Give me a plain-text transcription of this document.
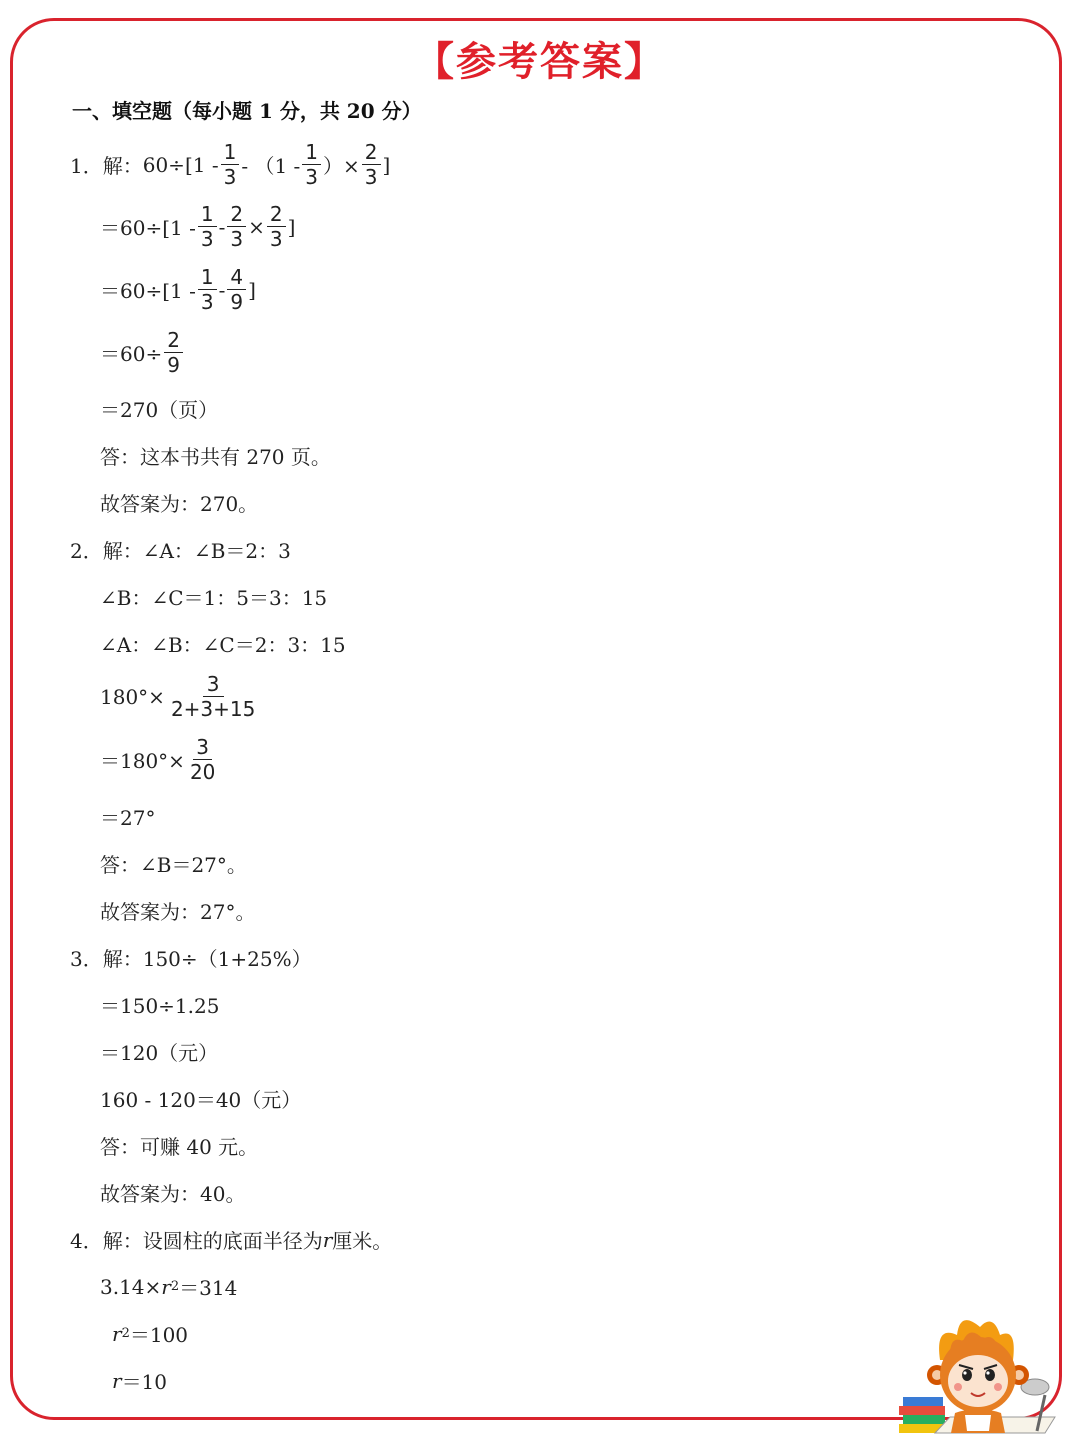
【参考答案】
一、填空题（每小题 1 分，共 20 分）
1． 解： $60\div[1 - \frac{1}{3} - (1 - \frac{1}{3}$ ）× $\frac{2}{3}$ ]
$=60\div[1 - \frac{1}{3} - \frac{2}{3} \times \frac{2}{3}$ ]
$=60\div[1 - \frac{1}{3} - \frac{4}{9}$ ]
$=60\div \frac{2}{9}$
＝270（页）
答：这本书共有 270 页。
故答案为：270。
2． 解：∠A：∠B＝2：3
∠B：∠C＝1：5＝3：15
∠A：∠B：∠C＝2：3：15
$180^\circ\times \frac{3}{2+3+15}$
$=180^\circ\times \frac{3}{20}$
＝27°
答：∠B＝27°。
故答案为：27°。
3． 解：150÷（1+25%）
＝150÷1.25
＝120（元）
160 - 120＝40（元）
答：可赚 40 元。
故答案为：40。
4． 解：设圆柱的底面半径为 r 厘米。
3.14× r 2 ＝314
r 2 ＝100
r ＝10
